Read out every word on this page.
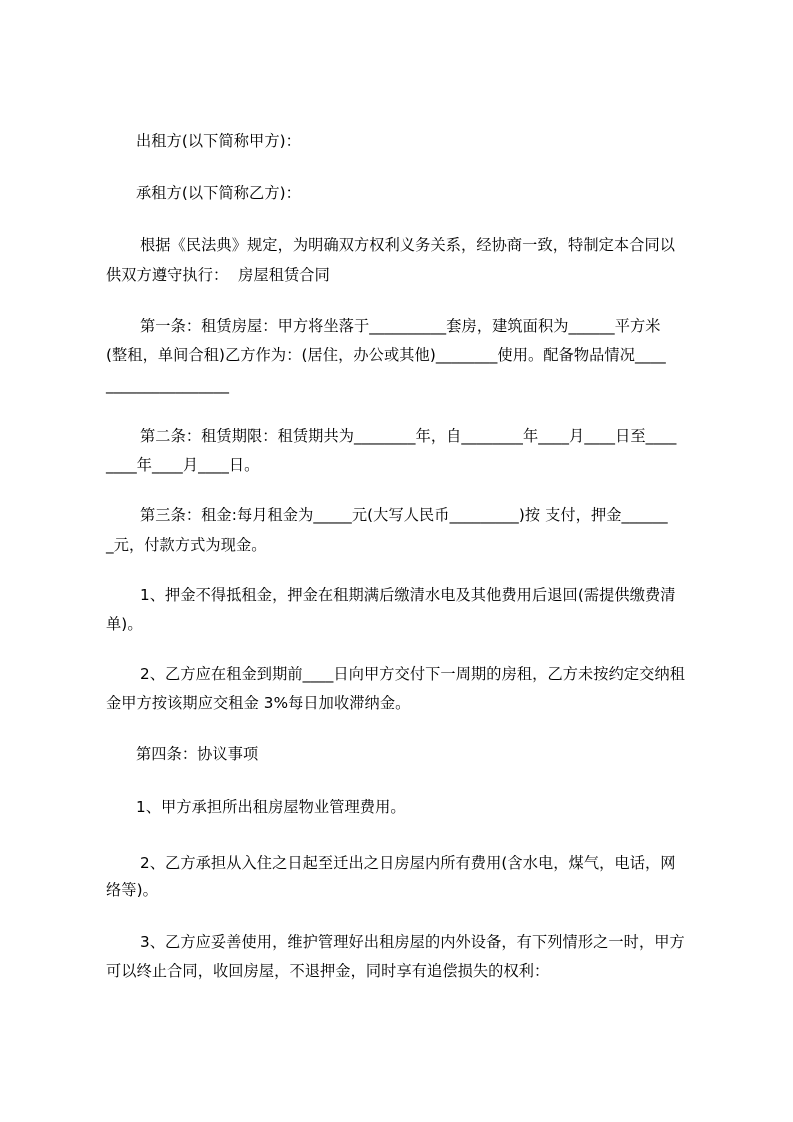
出租方(以下简称甲方)：
承租方(以下简称乙方)：
根据《民法典》规定，为明确双方权利义务关系，经协商一致，特制定本合同以
供双方遵守执行：  房屋租赁合同
第一条：租赁房屋：甲方将坐落于__________套房，建筑面积为______平方米
(整租，单间合租)乙方作为：(居住，办公或其他)________使用。配备物品情况____
________________
第二条：租赁期限：租赁期共为________年，自________年____月____日至____
____年____月____日。
第三条：租金:每月租金为_____元(大写人民币_________)按 支付，押金______
_元，付款方式为现金。
1、押金不得抵租金，押金在租期满后缴清水电及其他费用后退回(需提供缴费清
单)。
2、乙方应在租金到期前____日向甲方交付下一周期的房租，乙方未按约定交纳租
金甲方按该期应交租金 3%每日加收滞纳金。
第四条：协议事项
1、甲方承担所出租房屋物业管理费用。
2、乙方承担从入住之日起至迁出之日房屋内所有费用(含水电，煤气，电话，网
络等)。
3、乙方应妥善使用，维护管理好出租房屋的内外设备，有下列情形之一时，甲方
可以终止合同，收回房屋，不退押金，同时享有追偿损失的权利：
